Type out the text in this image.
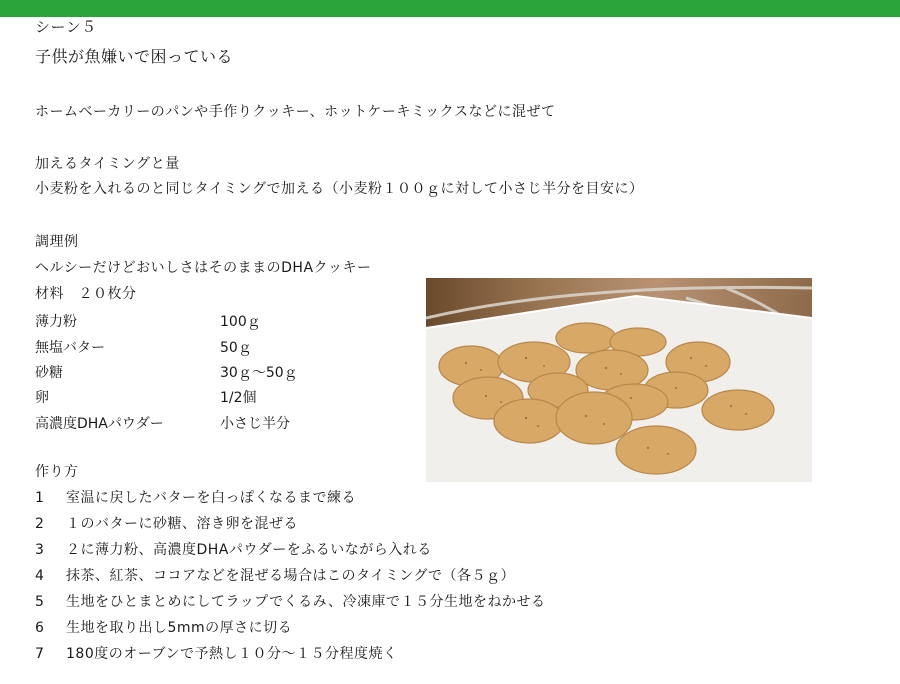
シーン５
子供が魚嫌いで困っている
ホームベーカリーのパンや手作りクッキー、ホットケーキミックスなどに混ぜて
加えるタイミングと量
小麦粉を入れるのと同じタイミングで加える（小麦粉１００ｇに対して小さじ半分を目安に）
調理例
ヘルシーだけどおいしさはそのままのDHAクッキー
材料　２０枚分
薄力粉	100ｇ
無塩バター	50ｇ
砂糖	30ｇ～50ｇ
卵	1/2個
高濃度DHAパウダー	小さじ半分
作り方
1 室温に戻したバターを白っぽくなるまで練る
2 １のバターに砂糖、溶き卵を混ぜる
3 ２に薄力粉、高濃度DHAパウダーをふるいながら入れる
4 抹茶、紅茶、ココアなどを混ぜる場合はこのタイミングで（各５ｇ）
5 生地をひとまとめにしてラップでくるみ、冷凍庫で１５分生地をねかせる
6 生地を取り出し5mmの厚さに切る
7 180度のオーブンで予熱し１０分～１５分程度焼く
